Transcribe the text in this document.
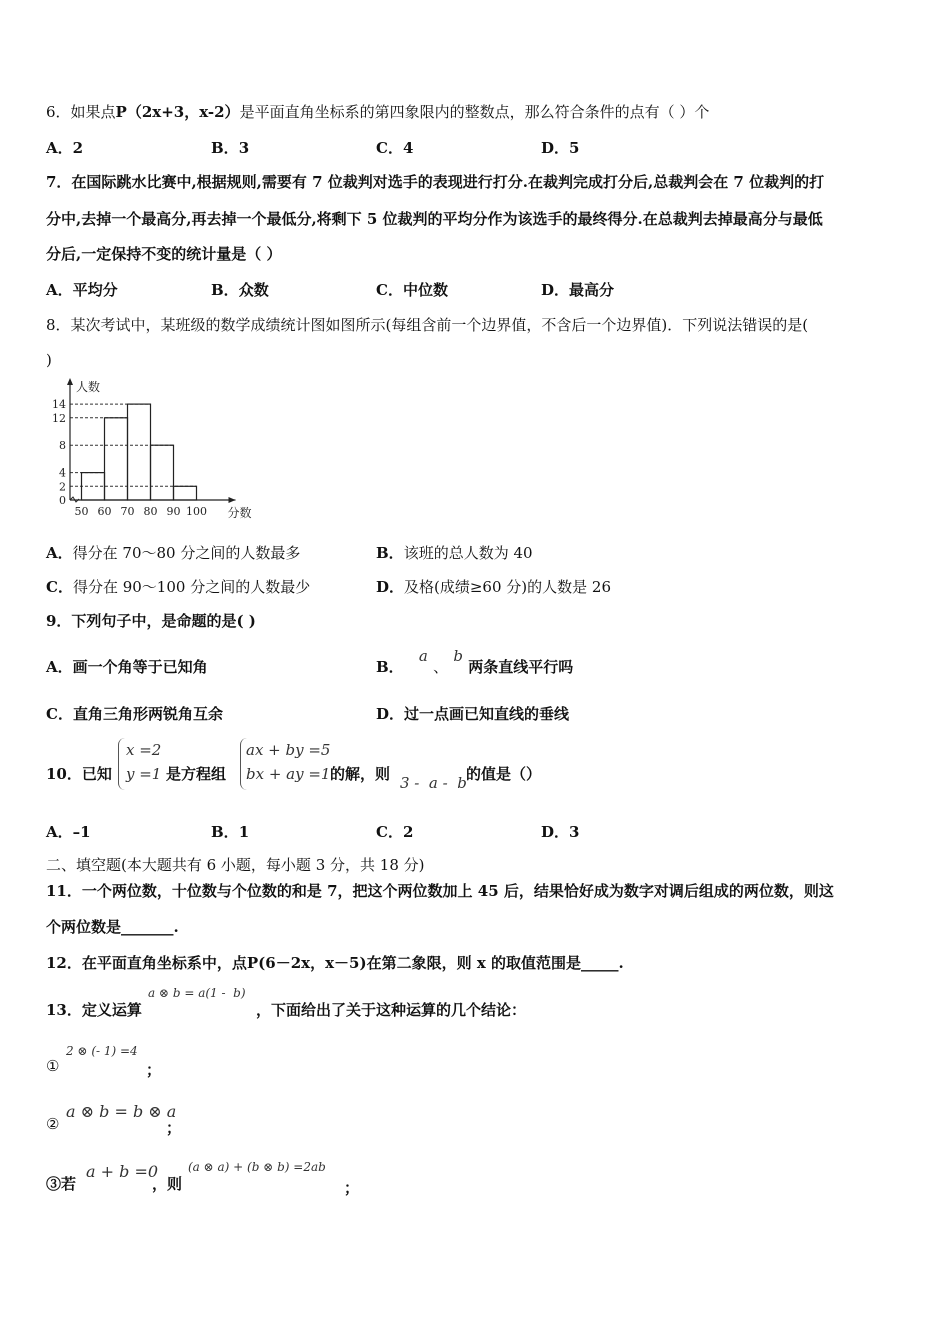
6．如果点P（2x+3，x-2）是平面直角坐标系的第四象限内的整数点，那么符合条件的点有（ ）个
A．2	B．3	C．4	D．5
7．在国际跳水比赛中,根据规则,需要有 7 位裁判对选手的表现进行打分.在裁判完成打分后,总裁判会在 7 位裁判的打
分中,去掉一个最高分,再去掉一个最低分,将剩下 5 位裁判的平均分作为该选手的最终得分.在总裁判去掉最高分与最低
分后,一定保持不变的统计量是（ ）
A．平均分	B．众数	C．中位数	D．最高分
8．某次考试中，某班级的数学成绩统计图如图所示(每组含前一个边界值，不含后一个边界值)．下列说法错误的是(
)
14
12
8
4
2
0
50 60 70 80 90 100
人数
分数
A．得分在 70～80 分之间的人数最多	B．该班的总人数为 40
C．得分在 90～100 分之间的人数最少	D．及格(成绩≥60 分)的人数是 26
9．下列句子中，是命题的是( )
A．画一个角等于已知角	B． a 、 b 两条直线平行吗
C．直角三角形两锐角互余	D．过一点画已知直线的垂线
10．已知
x =2
y =1 是方程组
ax + by =5
bx + ay =1 的解，则 3 -  a -  b 的值是（）
A．–1	B．1	C．2	D．3
二、填空题(本大题共有 6 小题，每小题 3 分，共 18 分)
11．一个两位数，十位数与个位数的和是 7，把这个两位数加上 45 后，结果恰好成为数字对调后组成的两位数，则这
个两位数是_______.
12．在平面直角坐标系中，点P(6－2x，x－5)在第二象限，则 x 的取值范围是_____.
13．定义运算
a ⊗ b = a(1 -  b)
，下面给出了关于这种运算的几个结论：
①
2 ⊗ (- 1) =4
；
②
a ⊗ b = b ⊗ a
；
③若
a + b =0
，则
(a ⊗ a) + (b ⊗ b) =2ab
；
